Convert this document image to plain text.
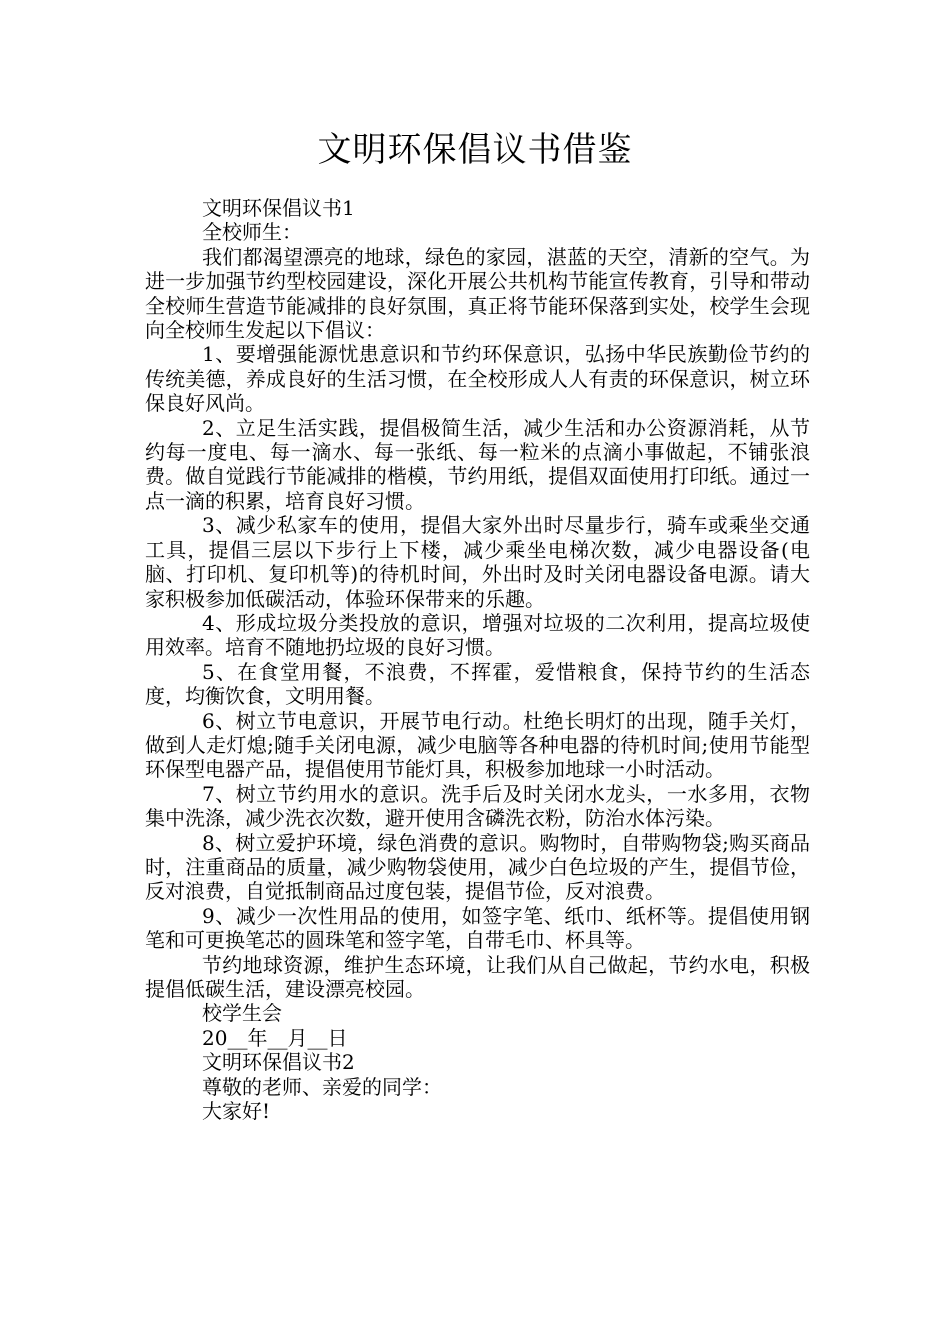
文明环保倡议书借鉴

文明环保倡议书1

全校师生：

我们都渴望漂亮的地球，绿色的家园，湛蓝的天空，清新的空气。为进一步加强节约型校园建设，深化开展公共机构节能宣传教育，引导和带动全校师生营造节能减排的良好氛围，真正将节能环保落到实处，校学生会现向全校师生发起以下倡议：

1、要增强能源忧患意识和节约环保意识，弘扬中华民族勤俭节约的传统美德，养成良好的生活习惯，在全校形成人人有责的环保意识，树立环保良好风尚。

2、立足生活实践，提倡极简生活，减少生活和办公资源消耗，从节约每一度电、每一滴水、每一张纸、每一粒米的点滴小事做起，不铺张浪费。做自觉践行节能减排的楷模，节约用纸，提倡双面使用打印纸。通过一点一滴的积累，培育良好习惯。

3、减少私家车的使用，提倡大家外出时尽量步行，骑车或乘坐交通工具，提倡三层以下步行上下楼，减少乘坐电梯次数，减少电器设备(电脑、打印机、复印机等)的待机时间，外出时及时关闭电器设备电源。请大家积极参加低碳活动，体验环保带来的乐趣。

4、形成垃圾分类投放的意识，增强对垃圾的二次利用，提高垃圾使用效率。培育不随地扔垃圾的良好习惯。

5、在食堂用餐，不浪费，不挥霍，爱惜粮食，保持节约的生活态度，均衡饮食，文明用餐。

6、树立节电意识，开展节电行动。杜绝长明灯的出现，随手关灯，做到人走灯熄;随手关闭电源，减少电脑等各种电器的待机时间;使用节能型环保型电器产品，提倡使用节能灯具，积极参加地球一小时活动。

7、树立节约用水的意识。洗手后及时关闭水龙头，一水多用，衣物集中洗涤，减少洗衣次数，避开使用含磷洗衣粉，防治水体污染。

8、树立爱护环境，绿色消费的意识。购物时，自带购物袋;购买商品时，注重商品的质量，减少购物袋使用，减少白色垃圾的产生，提倡节俭，反对浪费，自觉抵制商品过度包装，提倡节俭，反对浪费。

9、减少一次性用品的使用，如签字笔、纸巾、纸杯等。提倡使用钢笔和可更换笔芯的圆珠笔和签字笔，自带毛巾、杯具等。

节约地球资源，维护生态环境，让我们从自己做起，节约水电，积极提倡低碳生活，建设漂亮校园。

校学生会

20__年__月__日

文明环保倡议书2

尊敬的老师、亲爱的同学：

大家好!
